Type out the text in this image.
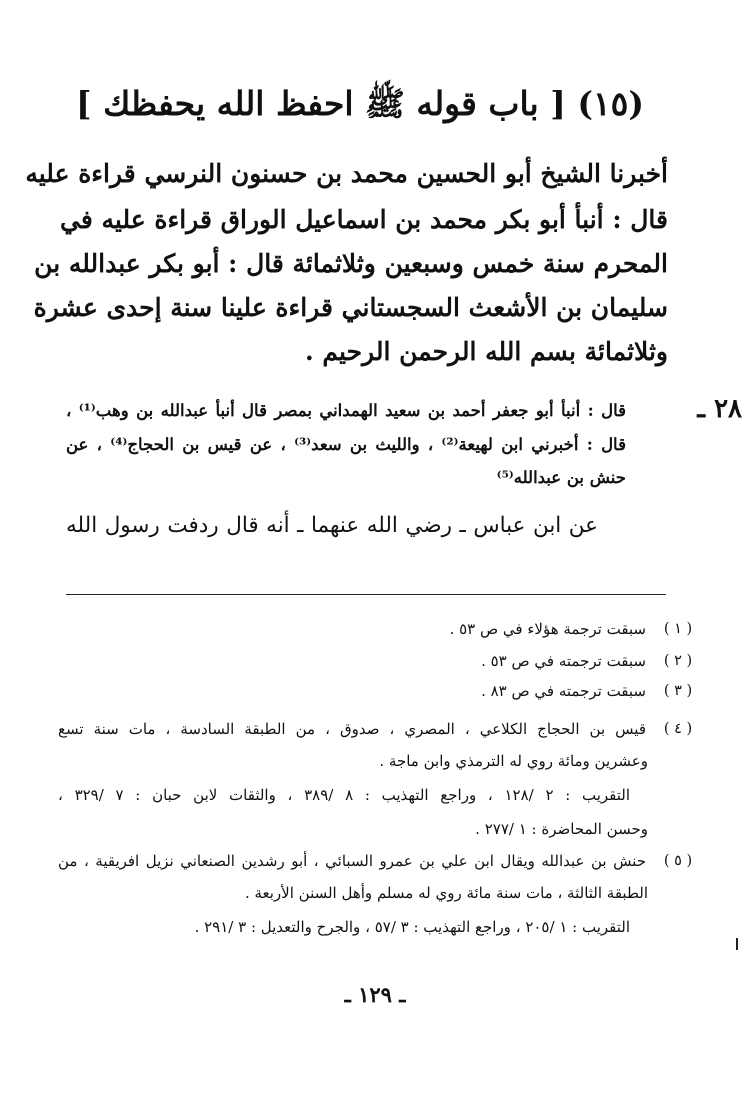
(١٥) [ باب قوله ﷺ احفظ الله يحفظك ]
أخبرنا الشيخ أبو الحسين محمد بن حسنون النرسي قراءة عليه
قال : أنبأ أبو بكر محمد بن اسماعيل الوراق قراءة عليه في
المحرم سنة خمس وسبعين وثلاثمائة قال : أبو بكر عبدالله بن
سليمان بن الأشعث السجستاني قراءة علينا سنة إحدى عشرة
وثلاثمائة بسم الله الرحمن الرحيم .
٢٨ ـ
قال : أنبأ أبو جعفر أحمد بن سعيد الهمداني بمصر قال أنبأ عبدالله بن وهب⁽¹⁾ ،
قال : أخبرني ابن لهيعة⁽²⁾ ، والليث بن سعد⁽³⁾ ، عن قيس بن الحجاج⁽⁴⁾ ، عن
حنش بن عبدالله⁽⁵⁾
عن ابن عباس ـ رضي الله عنهما ـ أنه قال ردفت رسول الله
( ١ )
سبقت ترجمة هؤلاء في ص ٥٣ .
( ٢ )
سبقت ترجمته في ص ٥٣ .
( ٣ )
سبقت ترجمته في ص ٨٣ .
( ٤ )
قيس بن الحجاج الكلاعي ، المصري ، صدوق ، من الطبقة السادسة ، مات سنة تسع
وعشرين ومائة روي له الترمذي وابن ماجة .
التقريب : ٢ /١٢٨ ، وراجع التهذيب : ٨ /٣٨٩ ، والثقات لابن حبان : ٧ /٣٢٩ ،
وحسن المحاضرة : ١ /٢٧٧ .
( ٥ )
حنش بن عبدالله ويقال ابن علي بن عمرو السبائي ، أبو رشدين الصنعاني نزيل افريقية ، من
الطبقة الثالثة ، مات سنة مائة روي له مسلم وأهل السنن الأربعة .
التقريب : ١ /٢٠٥ ، وراجع التهذيب : ٣ /٥٧ ، والجرح والتعديل : ٣ /٢٩١ .
ـ ١٢٩ ـ
